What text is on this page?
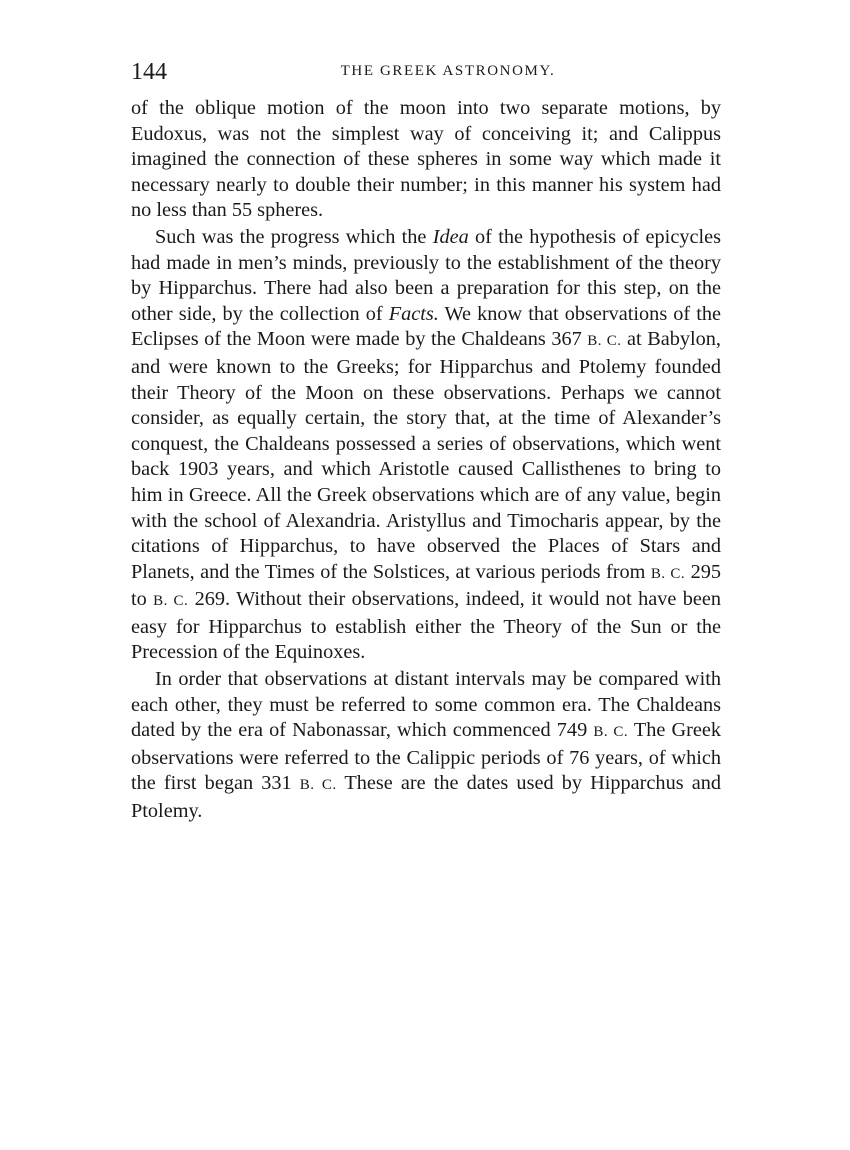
144	THE GREEK ASTRONOMY.

of the oblique motion of the moon into two separate motions, by Eudoxus, was not the simplest way of conceiving it; and Calippus imagined the connection of these spheres in some way which made it necessary nearly to double their number; in this manner his system had no less than 55 spheres.

Such was the progress which the Idea of the hypothesis of epicycles had made in men’s minds, previously to the establishment of the theory by Hipparchus. There had also been a preparation for this step, on the other side, by the collection of Facts. We know that observations of the Eclipses of the Moon were made by the Chaldeans 367 B. C. at Babylon, and were known to the Greeks; for Hipparchus and Ptolemy founded their Theory of the Moon on these observations. Perhaps we cannot consider, as equally certain, the story that, at the time of Alexander’s conquest, the Chaldeans possessed a series of observations, which went back 1903 years, and which Aristotle caused Callisthenes to bring to him in Greece. All the Greek observations which are of any value, begin with the school of Alexandria. Aristyllus and Timocharis appear, by the citations of Hipparchus, to have observed the Places of Stars and Planets, and the Times of the Solstices, at various periods from B. C. 295 to B. C. 269. Without their observations, indeed, it would not have been easy for Hipparchus to establish either the Theory of the Sun or the Precession of the Equinoxes.

In order that observations at distant intervals may be compared with each other, they must be referred to some common era. The Chaldeans dated by the era of Nabonassar, which commenced 749 B. C. The Greek observations were referred to the Calippic periods of 76 years, of which the first began 331 B. C. These are the dates used by Hipparchus and Ptolemy.
